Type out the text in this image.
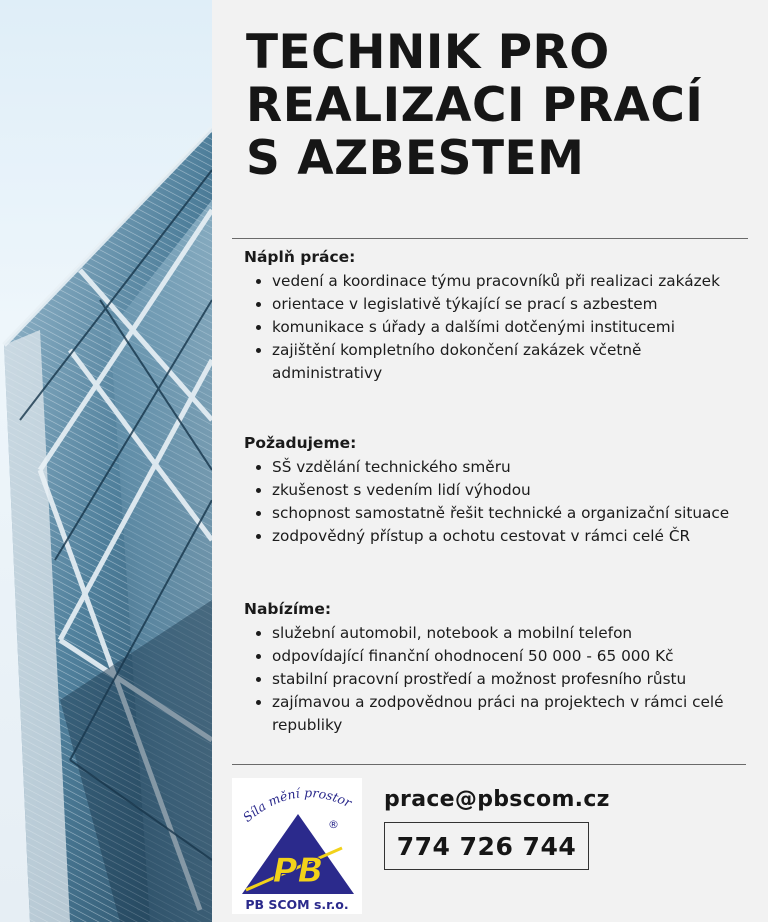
TECHNIK PRO
REALIZACI PRACÍ
S AZBESTEM
Náplň práce:
vedení a koordinace týmu pracovníků při realizaci zakázek
orientace v legislativě týkající se prací s azbestem
komunikace s úřady a dalšími dotčenými institucemi
zajištění kompletního dokončení zakázek včetně administrativy
Požadujeme:
SŠ vzdělání technického směru
zkušenost s vedením lidí výhodou
schopnost samostatně řešit technické a organizační situace
zodpovědný přístup a ochotu cestovat v rámci celé ČR
Nabízíme:
služební automobil, notebook a mobilní telefon
odpovídající finanční ohodnocení 50 000 - 65 000 Kč
stabilní pracovní prostředí a možnost profesního růstu
zajímavou a zodpovědnou práci na projektech v rámci celé republiky
Síla mění prostor
PB
®
PB SCOM s.r.o.
prace@pbscom.cz
774 726 744
